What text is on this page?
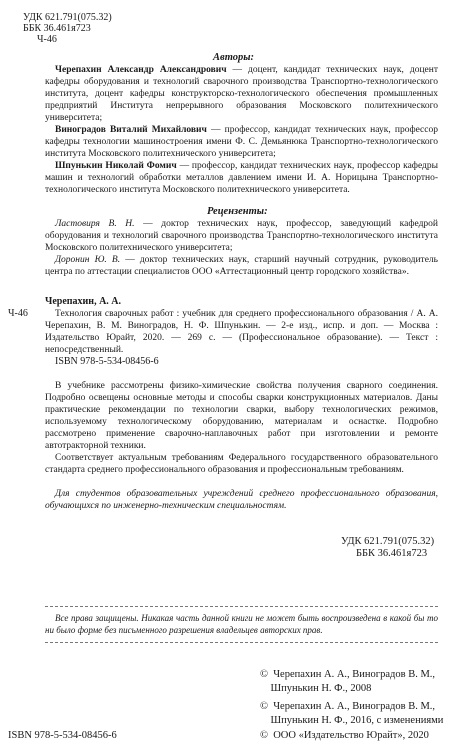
УДК 621.791(075.32)
ББК 36.461я723
Ч-46
Авторы:
Черепахин Александр Александрович — доцент, кандидат технических наук, доцент кафедры оборудования и технологий сварочного производства Транспортно-технологического института, доцент кафедры конструкторско-технологического обеспечения промышленных предприятий Института непрерывного образования Московского политехнического университета;
Виноградов Виталий Михайлович — профессор, кандидат технических наук, профессор кафедры технологии машиностроения имени Ф. С. Демьянюка Транспортно-технологического института Московского политехнического университета;
Шпунькин Николай Фомич — профессор, кандидат технических наук, профессор кафедры машин и технологий обработки металлов давлением имени И. А. Норицына Транспортно-технологического института Московского политехнического университета.
Рецензенты:
Ластовиря В. Н. — доктор технических наук, профессор, заведующий кафедрой оборудования и технологий сварочного производства Транспортно-технологического института Московского политехнического университета;
Доронин Ю. В. — доктор технических наук, старший научный сотрудник, руководитель центра по аттестации специалистов ООО «Аттестационный центр городского хозяйства».
Ч-46
Черепахин, А. А.
Технология сварочных работ : учебник для среднего профессионального образования / А. А. Черепахин, В. М. Виноградов, Н. Ф. Шпунькин. — 2-е изд., испр. и доп. — Москва : Издательство Юрайт, 2020. — 269 с. — (Профессиональное образование). — Текст : непосредственный.
ISBN 978-5-534-08456-6
В учебнике рассмотрены физико-химические свойства получения сварного соединения. Подробно освещены основные методы и способы сварки конструкционных материалов. Даны практические рекомендации по технологии сварки, выбору технологических режимов, используемому технологическому оборудованию, материалам и оснастке. Подробно рассмотрено применение сварочно-наплавочных работ при изготовлении и ремонте автотракторной техники.
Соответствует актуальным требованиям Федерального государственного образовательного стандарта среднего профессионального образования и профессиональным требованиям.
Для студентов образовательных учреждений среднего профессионального образования, обучающихся по инженерно-техническим специальностям.
УДК 621.791(075.32)
ББК 36.461я723
Все права защищены. Никакая часть данной книги не может быть воспроизведена в какой бы то ни было форме без письменного разрешения владельцев авторских прав.
©  Черепахин А. А., Виноградов В. М.,
Шпунькин Н. Ф., 2008
©  Черепахин А. А., Виноградов В. М.,
Шпунькин Н. Ф., 2016, с изменениями
©  ООО «Издательство Юрайт», 2020
ISBN 978-5-534-08456-6
